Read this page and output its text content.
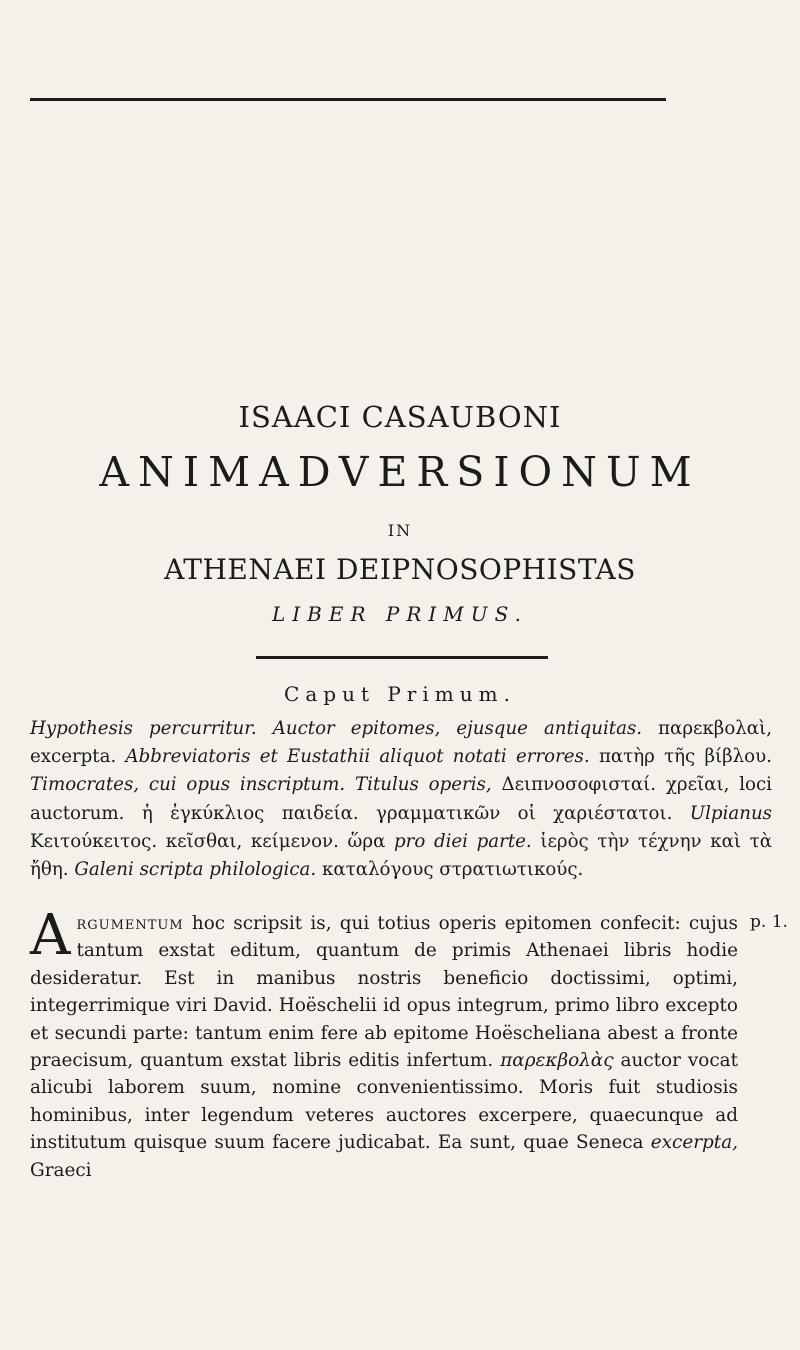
ISAACI CASAUBONI
ANIMADVERSIONUM
IN
ATHENAEI DEIPNOSOPHISTAS
LIBER PRIMUS.
Caput Primum.

Hypothesis percurritur. Auctor epitomes, ejusque antiquitas. παρεκβολαὶ, excerpta. Abbreviatoris et Eustathii aliquot notati errores. πατὴρ τῆς βίβλου. Timocrates, cui opus inscriptum. Titulus operis, Δειπνοσοφισταί. χρεῖαι, loci auctorum. ἡ ἐγκύκλιος παιδεία. γραμματικῶν οἱ χαριέστατοι. Ulpianus Κειτούκειτος. κεῖσθαι, κείμενον. ὥρα pro diei parte. ἱερὸς τὴν τέχνην καὶ τὰ ἤθη. Galeni scripta philologica. καταλόγους στρατιωτικούς.

Argumentum hoc scripsit is, qui totius operis epitomen confecit: cujus tantum exstat editum, quantum de primis Athenaei libris hodie desideratur. Est in manibus nostris beneficio doctissimi, optimi, integerrimique viri David. Hoëschelii id opus integrum, primo libro excepto et secundi parte: tantum enim fere ab epitome Hoëscheliana abest a fronte praecisum, quantum exstat libris editis infertum. παρεκβολὰς auctor vocat alicubi laborem suum, nomine convenientissimo. Moris fuit studiosis hominibus, inter legendum veteres auctores excerpere, quaecunque ad institutum quisque suum facere judicabat. Ea sunt, quae Seneca excerpta, Graeci

p. 1.
